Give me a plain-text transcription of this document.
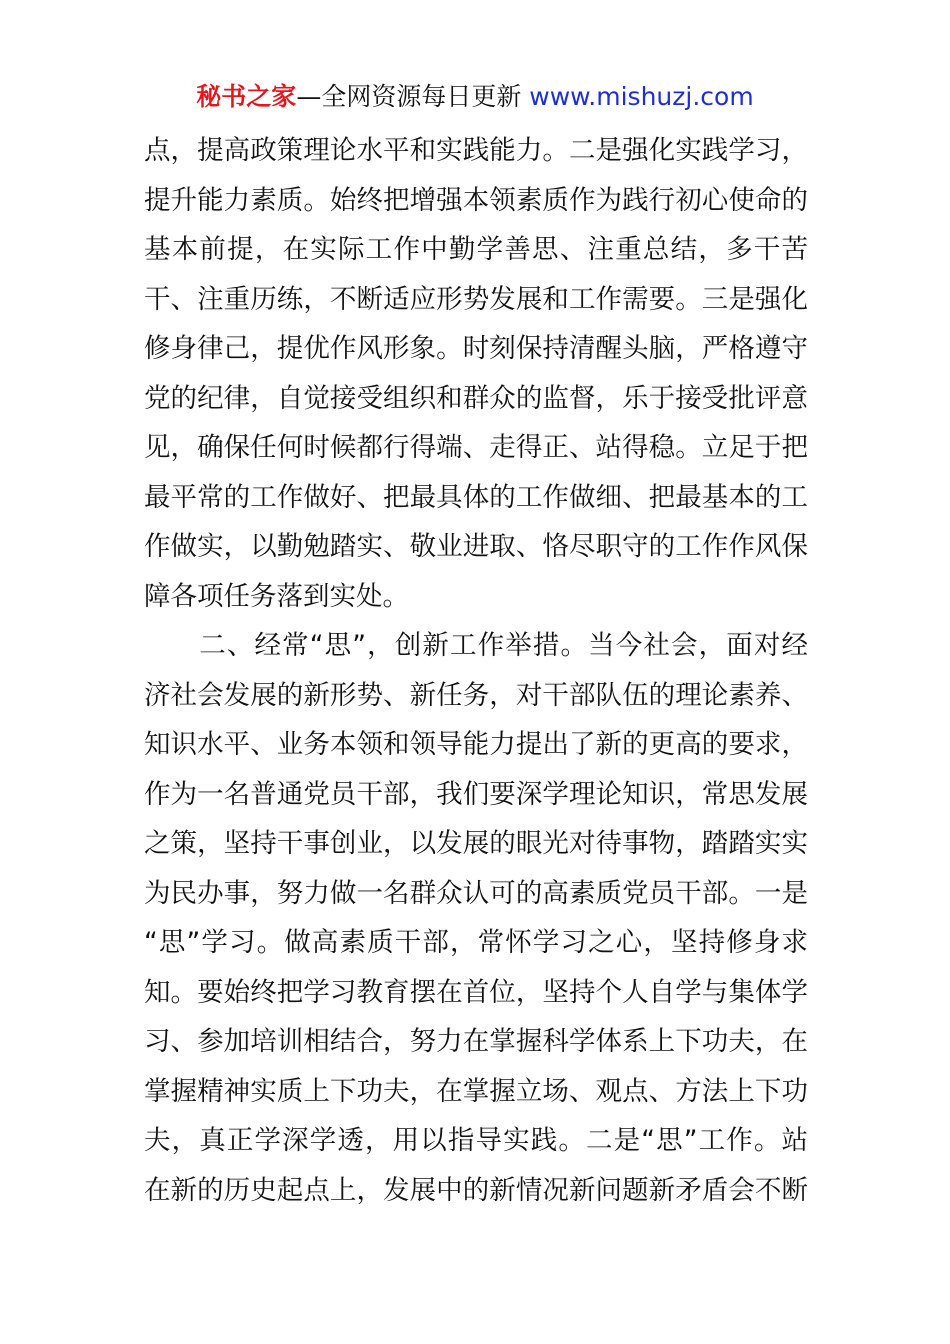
秘书之家—全网资源每日更新 www.mishuzj.com
点，提高政策理论水平和实践能力。二是强化实践学习，
提升能力素质。始终把增强本领素质作为践行初心使命的
基本前提，在实际工作中勤学善思、注重总结，多干苦
干、注重历练，不断适应形势发展和工作需要。三是强化
修身律己，提优作风形象。时刻保持清醒头脑，严格遵守
党的纪律，自觉接受组织和群众的监督，乐于接受批评意
见，确保任何时候都行得端、走得正、站得稳。立足于把
最平常的工作做好、把最具体的工作做细、把最基本的工
作做实，以勤勉踏实、敬业进取、恪尽职守的工作作风保
障各项任务落到实处。
　　二、经常“思”，创新工作举措。当今社会，面对经
济社会发展的新形势、新任务，对干部队伍的理论素养、
知识水平、业务本领和领导能力提出了新的更高的要求，
作为一名普通党员干部，我们要深学理论知识，常思发展
之策，坚持干事创业，以发展的眼光对待事物，踏踏实实
为民办事，努力做一名群众认可的高素质党员干部。一是
“思”学习。做高素质干部，常怀学习之心，坚持修身求
知。要始终把学习教育摆在首位，坚持个人自学与集体学
习、参加培训相结合，努力在掌握科学体系上下功夫，在
掌握精神实质上下功夫，在掌握立场、观点、方法上下功
夫，真正学深学透，用以指导实践。二是“思”工作。站
在新的历史起点上，发展中的新情况新问题新矛盾会不断
